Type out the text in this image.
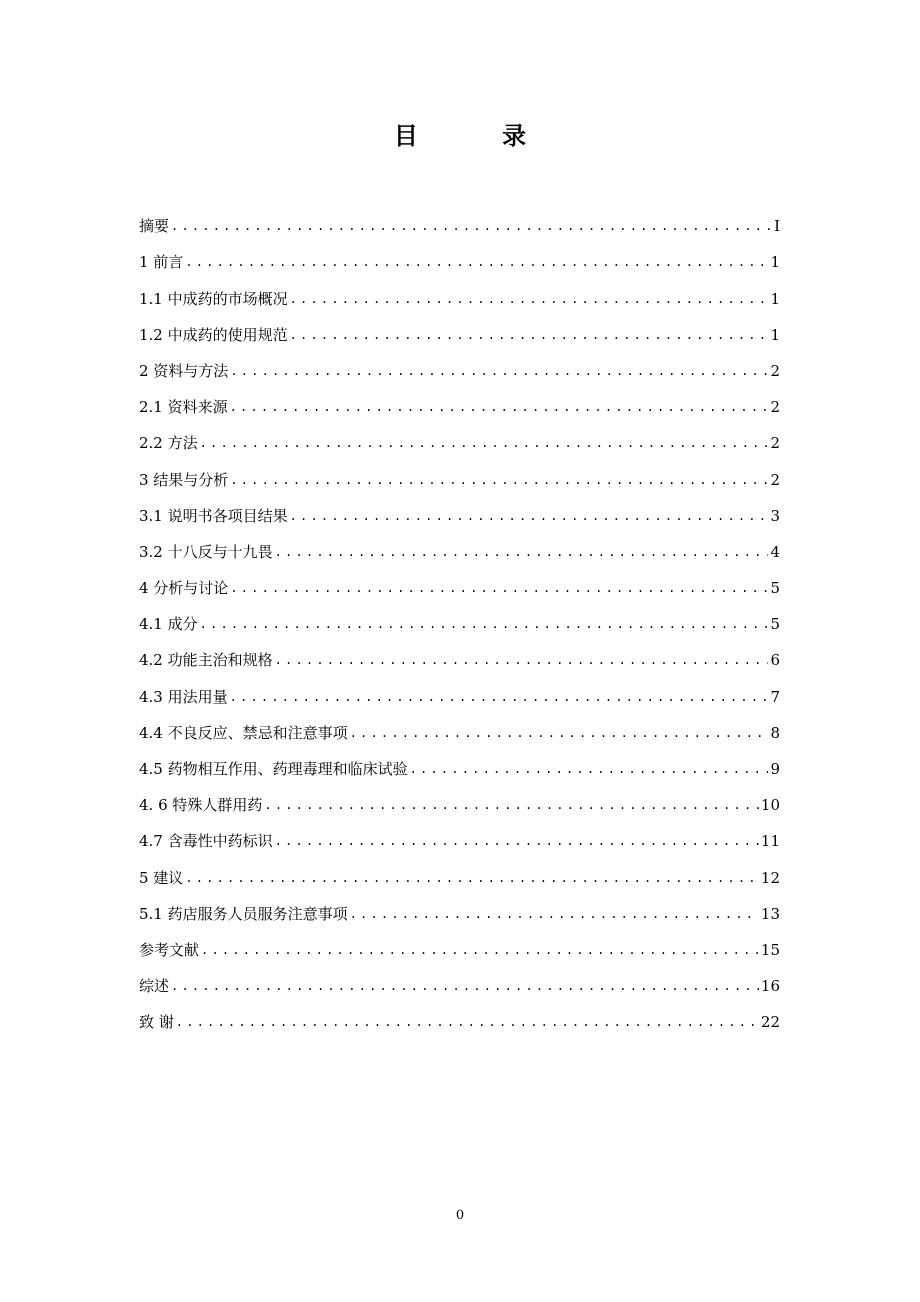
目 录
摘要 .....	I
1 前言 .....	1
1.1 中成药的市场概况 .....	1
1.2 中成药的使用规范 .....	1
2 资料与方法 .....	2
2.1 资料来源 .....	2
2.2 方法 .....	2
3 结果与分析 .....	2
3.1 说明书各项目结果 .....	3
3.2 十八反与十九畏 .....	4
4 分析与讨论 .....	5
4.1 成分 .....	5
4.2 功能主治和规格 .....	6
4.3 用法用量 .....	7
4.4 不良反应、禁忌和注意事项 .....	8
4.5 药物相互作用、药理毒理和临床试验 .....	9
4. 6 特殊人群用药 .....	10
4.7 含毒性中药标识 .....	11
5 建议 .....	12
5.1 药店服务人员服务注意事项 .....	13
参考文献 .....	15
综述 .....	16
致 谢 .....	22
0
